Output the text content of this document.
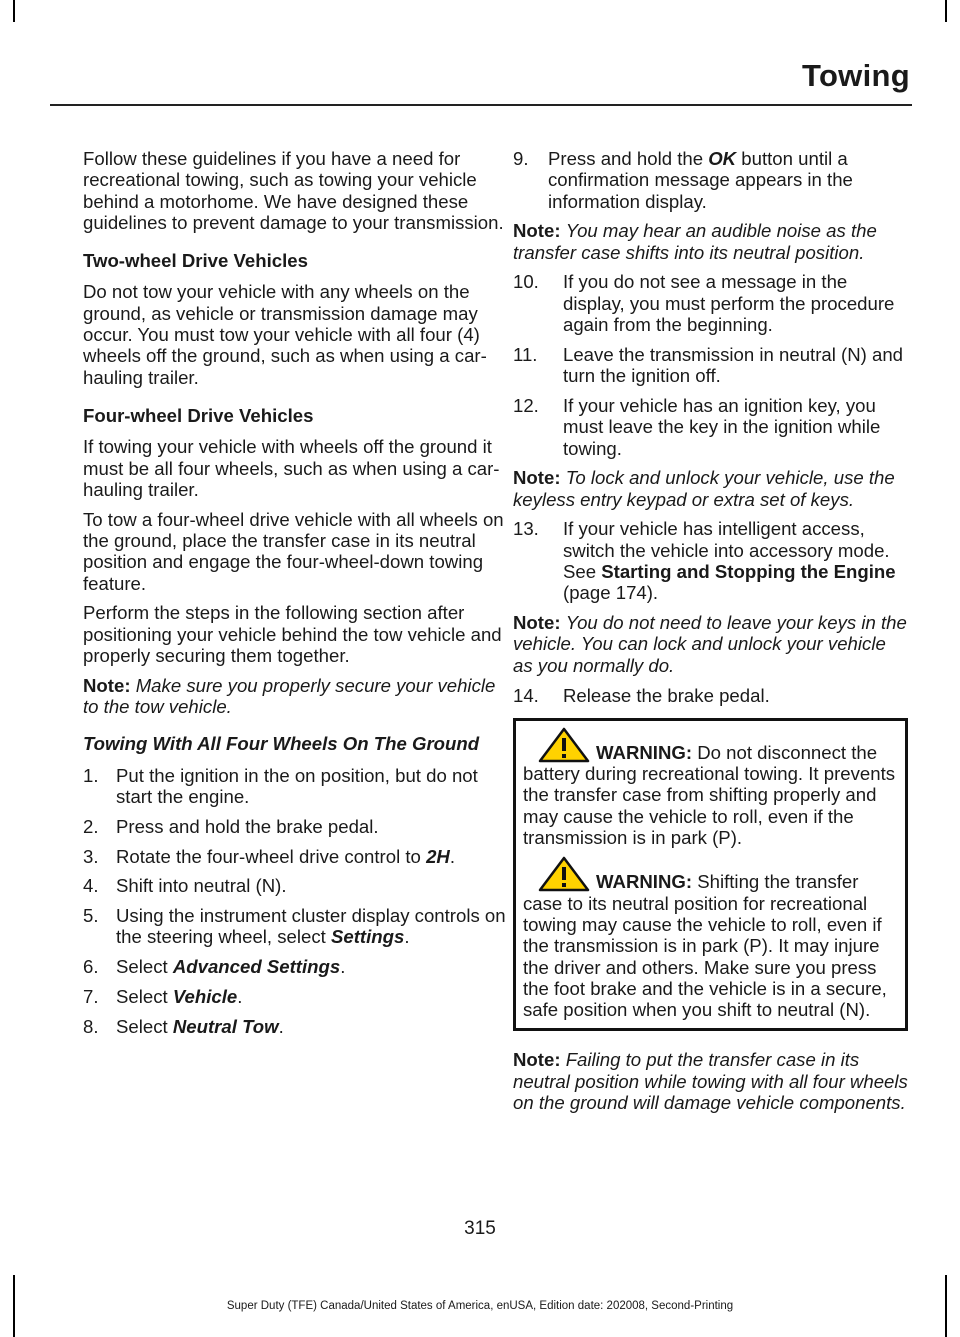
Towing

Follow these guidelines if you have a need for recreational towing, such as towing your vehicle behind a motorhome. We have designed these guidelines to prevent damage to your transmission.

Two-wheel Drive Vehicles

Do not tow your vehicle with any wheels on the ground, as vehicle or transmission damage may occur. You must tow your vehicle with all four (4) wheels off the ground, such as when using a car-hauling trailer.

Four-wheel Drive Vehicles

If towing your vehicle with wheels off the ground it must be all four wheels, such as when using a car-hauling trailer.

To tow a four-wheel drive vehicle with all wheels on the ground, place the transfer case in its neutral position and engage the four-wheel-down towing feature.

Perform the steps in the following section after positioning your vehicle behind the tow vehicle and properly securing them together.

Note: Make sure you properly secure your vehicle to the tow vehicle.

Towing With All Four Wheels On The Ground

1. Put the ignition in the on position, but do not start the engine.
2. Press and hold the brake pedal.
3. Rotate the four-wheel drive control to 2H.
4. Shift into neutral (N).
5. Using the instrument cluster display controls on the steering wheel, select Settings.
6. Select Advanced Settings.
7. Select Vehicle.
8. Select Neutral Tow.
9. Press and hold the OK button until a confirmation message appears in the information display.

Note: You may hear an audible noise as the transfer case shifts into its neutral position.

10. If you do not see a message in the display, you must perform the procedure again from the beginning.
11. Leave the transmission in neutral (N) and turn the ignition off.
12. If your vehicle has an ignition key, you must leave the key in the ignition while towing.

Note: To lock and unlock your vehicle, use the keyless entry keypad or extra set of keys.

13. If your vehicle has intelligent access, switch the vehicle into accessory mode. See Starting and Stopping the Engine (page 174).

Note: You do not need to leave your keys in the vehicle. You can lock and unlock your vehicle as you normally do.

14. Release the brake pedal.

WARNING: Do not disconnect the battery during recreational towing. It prevents the transfer case from shifting properly and may cause the vehicle to roll, even if the transmission is in park (P).

WARNING: Shifting the transfer case to its neutral position for recreational towing may cause the vehicle to roll, even if the transmission is in park (P). It may injure the driver and others. Make sure you press the foot brake and the vehicle is in a secure, safe position when you shift to neutral (N).

Note: Failing to put the transfer case in its neutral position while towing with all four wheels on the ground will damage vehicle components.

315
Super Duty (TFE) Canada/United States of America, enUSA, Edition date: 202008, Second-Printing
